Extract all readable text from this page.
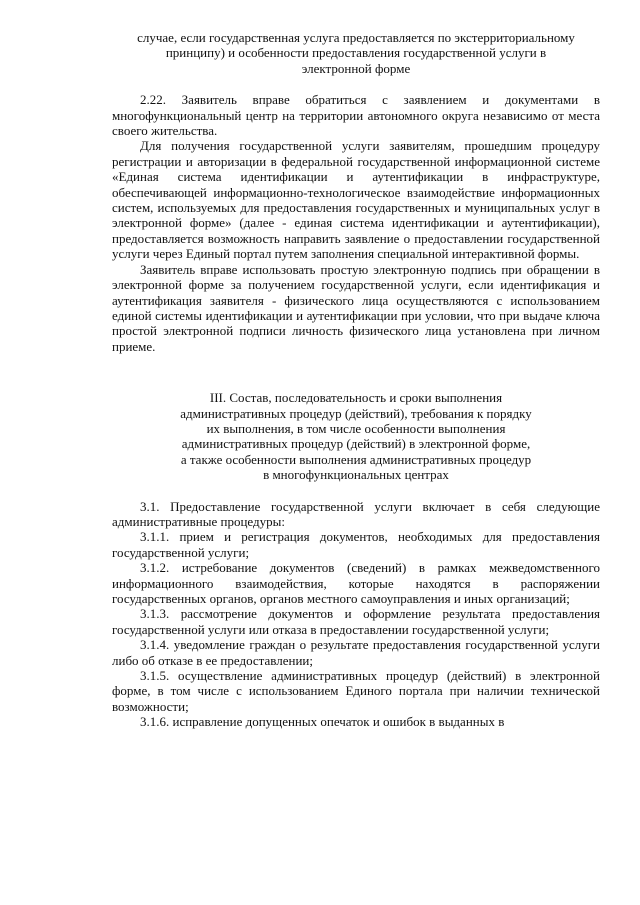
случае, если государственная услуга предоставляется по экстерриториальному
принципу) и особенности предоставления государственной услуги в
электронной форме

2.22. Заявитель вправе обратиться с заявлением и документами в многофункциональный центр на территории автономного округа независимо от места своего жительства.

Для получения государственной услуги заявителям, прошедшим процедуру регистрации и авторизации в федеральной государственной информационной системе «Единая система идентификации и аутентификации в инфраструктуре, обеспечивающей информационно-технологическое взаимодействие информационных систем, используемых для предоставления государственных и муниципальных услуг в электронной форме» (далее - единая система идентификации и аутентификации), предоставляется возможность направить заявление о предоставлении государственной услуги через Единый портал путем заполнения специальной интерактивной формы.

Заявитель вправе использовать простую электронную подпись при обращении в электронной форме за получением государственной услуги, если идентификация и аутентификация заявителя - физического лица осуществляются с использованием единой системы идентификации и аутентификации при условии, что при выдаче ключа простой электронной подписи личность физического лица установлена при личном приеме.

III. Состав, последовательность и сроки выполнения

административных процедур (действий), требования к порядку

их выполнения, в том числе особенности выполнения

административных процедур (действий) в электронной форме,

а также особенности выполнения административных процедур

в многофункциональных центрах

3.1. Предоставление государственной услуги включает в себя следующие административные процедуры:

3.1.1. прием и регистрация документов, необходимых для предоставления государственной услуги;

3.1.2. истребование документов (сведений) в рамках межведомственного информационного взаимодействия, которые находятся в распоряжении государственных органов, органов местного самоуправления и иных организаций;

3.1.3. рассмотрение документов и оформление результата предоставления государственной услуги или отказа в предоставлении государственной услуги;

3.1.4. уведомление граждан о результате предоставления государственной услуги либо об отказе в ее предоставлении;

3.1.5. осуществление административных процедур (действий) в электронной форме, в том числе с использованием Единого портала при наличии технической возможности;

3.1.6. исправление допущенных опечаток и ошибок в выданных в
